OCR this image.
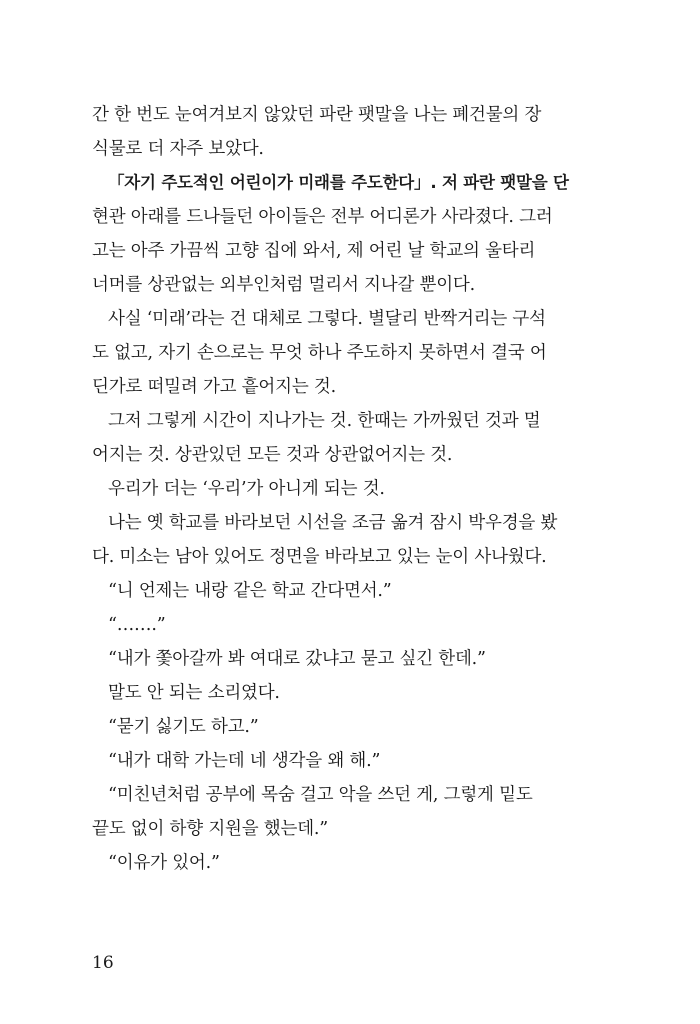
간 한 번도 눈여겨보지 않았던 파란 팻말을 나는 폐건물의 장
식물로 더 자주 보았다.
「자기 주도적인 어린이가 미래를 주도한다」. 저 파란 팻말을 단
현관 아래를 드나들던 아이들은 전부 어디론가 사라졌다. 그러
고는 아주 가끔씩 고향 집에 와서, 제 어린 날 학교의 울타리
너머를 상관없는 외부인처럼 멀리서 지나갈 뿐이다.
사실 ‘미래’라는 건 대체로 그렇다. 별달리 반짝거리는 구석
도 없고, 자기 손으로는 무엇 하나 주도하지 못하면서 결국 어
딘가로 떠밀려 가고 흩어지는 것.
그저 그렇게 시간이 지나가는 것. 한때는 가까웠던 것과 멀
어지는 것. 상관있던 모든 것과 상관없어지는 것.
우리가 더는 ‘우리’가 아니게 되는 것.
나는 옛 학교를 바라보던 시선을 조금 옮겨 잠시 박우경을 봤
다. 미소는 남아 있어도 정면을 바라보고 있는 눈이 사나웠다.
“니 언제는 내랑 같은 학교 간다면서.”
“…….”
“내가 쫓아갈까 봐 여대로 갔냐고 묻고 싶긴 한데.”
말도 안 되는 소리였다.
“묻기 싫기도 하고.”
“내가 대학 가는데 네 생각을 왜 해.”
“미친년처럼 공부에 목숨 걸고 악을 쓰던 게, 그렇게 밑도
끝도 없이 하향 지원을 했는데.”
“이유가 있어.”
16
